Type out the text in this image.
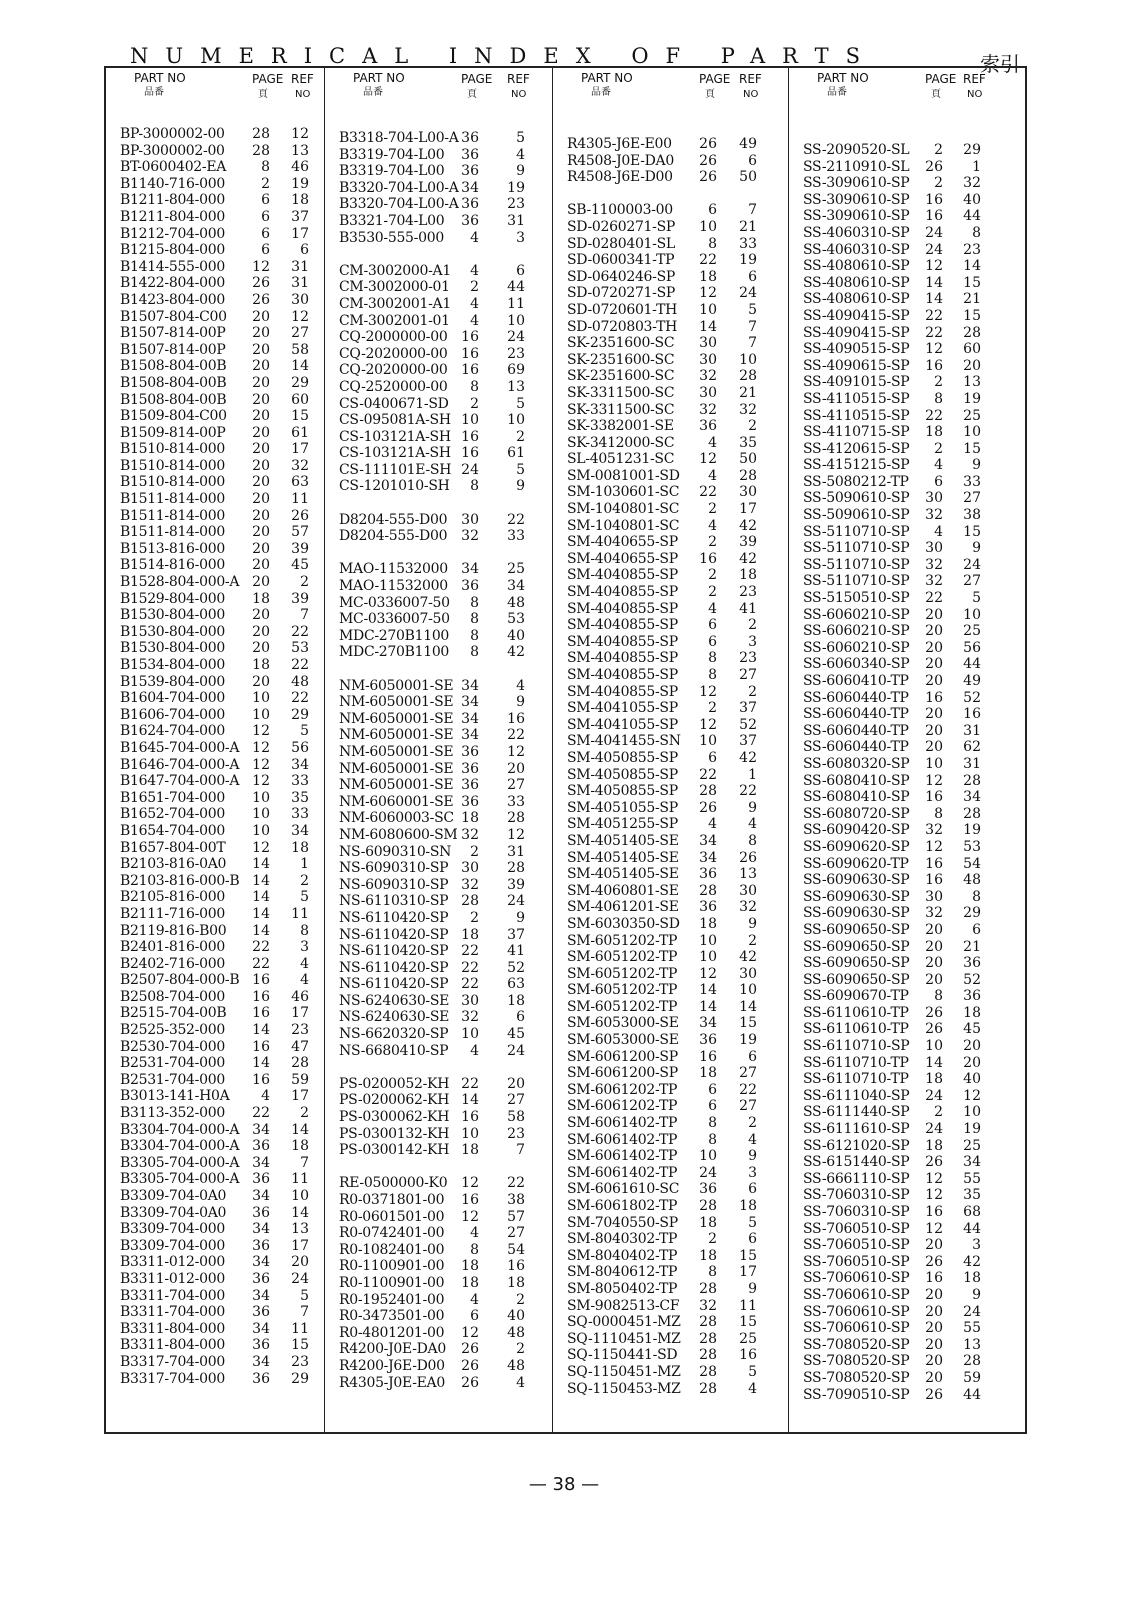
NUMERICAL INDEX OF PARTS	索引
PART NO
品番
PAGE
頁
REF
NO
BP-3000002-00	28	12
BP-3000002-00	28	13
BT-0600402-EA	8	46
B1140-716-000	2	19
B1211-804-000	6	18
B1211-804-000	6	37
B1212-704-000	6	17
B1215-804-000	6	6
B1414-555-000	12	31
B1422-804-000	26	31
B1423-804-000	26	30
B1507-804-C00	20	12
B1507-814-00P	20	27
B1507-814-00P	20	58
B1508-804-00B	20	14
B1508-804-00B	20	29
B1508-804-00B	20	60
B1509-804-C00	20	15
B1509-814-00P	20	61
B1510-814-000	20	17
B1510-814-000	20	32
B1510-814-000	20	63
B1511-814-000	20	11
B1511-814-000	20	26
B1511-814-000	20	57
B1513-816-000	20	39
B1514-816-000	20	45
B1528-804-000-A 20	2
B1529-804-000	18	39
B1530-804-000	20	7
B1530-804-000	20	22
B1530-804-000	20	53
B1534-804-000	18	22
B1539-804-000	20	48
B1604-704-000	10	22
B1606-704-000	10	29
B1624-704-000	12	5
B1645-704-000-A 12	56
B1646-704-000-A 12	34
B1647-704-000-A 12	33
B1651-704-000	10	35
B1652-704-000	10	33
B1654-704-000	10	34
B1657-804-00T	12	18
B2103-816-0A0	14	1
B2103-816-000-B 14	2
B2105-816-000	14	5
B2111-716-000	14	11
B2119-816-B00	14	8
B2401-816-000	22	3
B2402-716-000	22	4
B2507-804-000-B 16	4
B2508-704-000	16	46
B2515-704-00B	16	17
B2525-352-000	14	23
B2530-704-000	16	47
B2531-704-000	14	28
B2531-704-000	16	59
B3013-141-H0A	4	17
B3113-352-000	22	2
B3304-704-000-A 34	14
B3304-704-000-A 36	18
B3305-704-000-A 34	7
B3305-704-000-A 36	11
B3309-704-0A0	34	10
B3309-704-0A0	36	14
B3309-704-000	34	13
B3309-704-000	36	17
B3311-012-000	34	20
B3311-012-000	36	24
B3311-704-000	34	5
B3311-704-000	36	7
B3311-804-000	34	11
B3311-804-000	36	15
B3317-704-000	34	23
B3317-704-000	36	29
PART NO
品番
PAGE
頁
REF
NO
B3318-704-L00-A 36	5
B3319-704-L00	36	4
B3319-704-L00	36	9
B3320-704-L00-A 34	19
B3320-704-L00-A 36	23
B3321-704-L00	36	31
B3530-555-000	4	3
CM-3002000-A1	4	6
CM-3002000-01	2	44
CM-3002001-A1	4	11
CM-3002001-01	4	10
CQ-2000000-00 16	24
CQ-2020000-00 16	23
CQ-2020000-00 16	69
CQ-2520000-00	8	13
CS-0400671-SD	2	5
CS-095081A-SH 10	10
CS-103121A-SH 16	2
CS-103121A-SH 16	61
CS-111101E-SH 24	5
CS-1201010-SH	8	9
D8204-555-D00 30	22
D8204-555-D00 32	33
MAO-11532000 34	25
MAO-11532000 36	34
MC-0336007-50	8	48
MC-0336007-50	8	53
MDC-270B1100	8	40
MDC-270B1100	8	42
NM-6050001-SE 34	4
NM-6050001-SE 34	9
NM-6050001-SE 34	16
NM-6050001-SE 34	22
NM-6050001-SE 36	12
NM-6050001-SE 36	20
NM-6050001-SE 36	27
NM-6060001-SE 36	33
NM-6060003-SC 18	28
NM-6080600-SM 32	12
NS-6090310-SN	2	31
NS-6090310-SP 30	28
NS-6090310-SP 32	39
NS-6110310-SP 28	24
NS-6110420-SP	2	9
NS-6110420-SP 18	37
NS-6110420-SP 22	41
NS-6110420-SP 22	52
NS-6110420-SP 22	63
NS-6240630-SE 30	18
NS-6240630-SE 32	6
NS-6620320-SP 10	45
NS-6680410-SP	4	24
PS-0200052-KH 22	20
PS-0200062-KH 14	27
PS-0300062-KH 16	58
PS-0300132-KH 10	23
PS-0300142-KH 18	7
RE-0500000-K0 12	22
R0-0371801-00	16	38
R0-0601501-00	12	57
R0-0742401-00	4	27
R0-1082401-00	8	54
R0-1100901-00	18	16
R0-1100901-00	18	18
R0-1952401-00	4	2
R0-3473501-00	6	40
R0-4801201-00	12	48
R4200-J0E-DA0	26	2
R4200-J6E-D00	26	48
R4305-J0E-EA0	26	4
PART NO
品番
PAGE
頁
REF
NO
R4305-J6E-E00	26	49
R4508-J0E-DA0	26	6
R4508-J6E-D00	26	50
SB-1100003-00	6	7
SD-0260271-SP	10	21
SD-0280401-SL	8	33
SD-0600341-TP	22	19
SD-0640246-SP	18	6
SD-0720271-SP	12	24
SD-0720601-TH	10	5
SD-0720803-TH	14	7
SK-2351600-SC	30	7
SK-2351600-SC	30	10
SK-2351600-SC	32	28
SK-3311500-SC	30	21
SK-3311500-SC	32	32
SK-3382001-SE	36	2
SK-3412000-SC	4	35
SL-4051231-SC	12	50
SM-0081001-SD	4	28
SM-1030601-SC	22	30
SM-1040801-SC	2	17
SM-1040801-SC	4	42
SM-4040655-SP	2	39
SM-4040655-SP	16	42
SM-4040855-SP	2	18
SM-4040855-SP	2	23
SM-4040855-SP	4	41
SM-4040855-SP	6	2
SM-4040855-SP	6	3
SM-4040855-SP	8	23
SM-4040855-SP	8	27
SM-4040855-SP	12	2
SM-4041055-SP	2	37
SM-4041055-SP	12	52
SM-4041455-SN	10	37
SM-4050855-SP	6	42
SM-4050855-SP	22	1
SM-4050855-SP	28	22
SM-4051055-SP	26	9
SM-4051255-SP	4	4
SM-4051405-SE	34	8
SM-4051405-SE	34	26
SM-4051405-SE	36	13
SM-4060801-SE	28	30
SM-4061201-SE	36	32
SM-6030350-SD	18	9
SM-6051202-TP	10	2
SM-6051202-TP	10	42
SM-6051202-TP	12	30
SM-6051202-TP	14	10
SM-6051202-TP	14	14
SM-6053000-SE	34	15
SM-6053000-SE	36	19
SM-6061200-SP	16	6
SM-6061200-SP	18	27
SM-6061202-TP	6	22
SM-6061202-TP	6	27
SM-6061402-TP	8	2
SM-6061402-TP	8	4
SM-6061402-TP	10	9
SM-6061402-TP	24	3
SM-6061610-SC	36	6
SM-6061802-TP	28	18
SM-7040550-SP	18	5
SM-8040302-TP	2	6
SM-8040402-TP	18	15
SM-8040612-TP	8	17
SM-8050402-TP	28	9
SM-9082513-CF	32	11
SQ-0000451-MZ	28	15
SQ-1110451-MZ	28	25
SQ-1150441-SD	28	16
SQ-1150451-MZ	28	5
SQ-1150453-MZ	28	4
PART NO
品番
PAGE
頁
REF
NO
SS-2090520-SL	2	29
SS-2110910-SL	26	1
SS-3090610-SP	2	32
SS-3090610-SP	16	40
SS-3090610-SP	16	44
SS-4060310-SP	24	8
SS-4060310-SP	24	23
SS-4080610-SP	12	14
SS-4080610-SP	14	15
SS-4080610-SP	14	21
SS-4090415-SP	22	15
SS-4090415-SP	22	28
SS-4090515-SP	12	60
SS-4090615-SP	16	20
SS-4091015-SP	2	13
SS-4110515-SP	8	19
SS-4110515-SP	22	25
SS-4110715-SP	18	10
SS-4120615-SP	2	15
SS-4151215-SP	4	9
SS-5080212-TP	6	33
SS-5090610-SP	30	27
SS-5090610-SP	32	38
SS-5110710-SP	4	15
SS-5110710-SP	30	9
SS-5110710-SP	32	24
SS-5110710-SP	32	27
SS-5150510-SP	22	5
SS-6060210-SP	20	10
SS-6060210-SP	20	25
SS-6060210-SP	20	56
SS-6060340-SP	20	44
SS-6060410-TP	20	49
SS-6060440-TP	16	52
SS-6060440-TP	20	16
SS-6060440-TP	20	31
SS-6060440-TP	20	62
SS-6080320-SP	10	31
SS-6080410-SP	12	28
SS-6080410-SP	16	34
SS-6080720-SP	8	28
SS-6090420-SP	32	19
SS-6090620-SP	12	53
SS-6090620-TP	16	54
SS-6090630-SP	16	48
SS-6090630-SP	30	8
SS-6090630-SP	32	29
SS-6090650-SP	20	6
SS-6090650-SP	20	21
SS-6090650-SP	20	36
SS-6090650-SP	20	52
SS-6090670-TP	8	36
SS-6110610-TP	26	18
SS-6110610-TP	26	45
SS-6110710-SP	10	20
SS-6110710-TP	14	20
SS-6110710-TP	18	40
SS-6111040-SP	24	12
SS-6111440-SP	2	10
SS-6111610-SP	24	19
SS-6121020-SP	18	25
SS-6151440-SP	26	34
SS-6661110-SP	12	55
SS-7060310-SP	12	35
SS-7060310-SP	16	68
SS-7060510-SP	12	44
SS-7060510-SP	20	3
SS-7060510-SP	26	42
SS-7060610-SP	16	18
SS-7060610-SP	20	9
SS-7060610-SP	20	24
SS-7060610-SP	20	55
SS-7080520-SP	20	13
SS-7080520-SP	20	28
SS-7080520-SP	20	59
SS-7090510-SP	26	44
— 38 —
